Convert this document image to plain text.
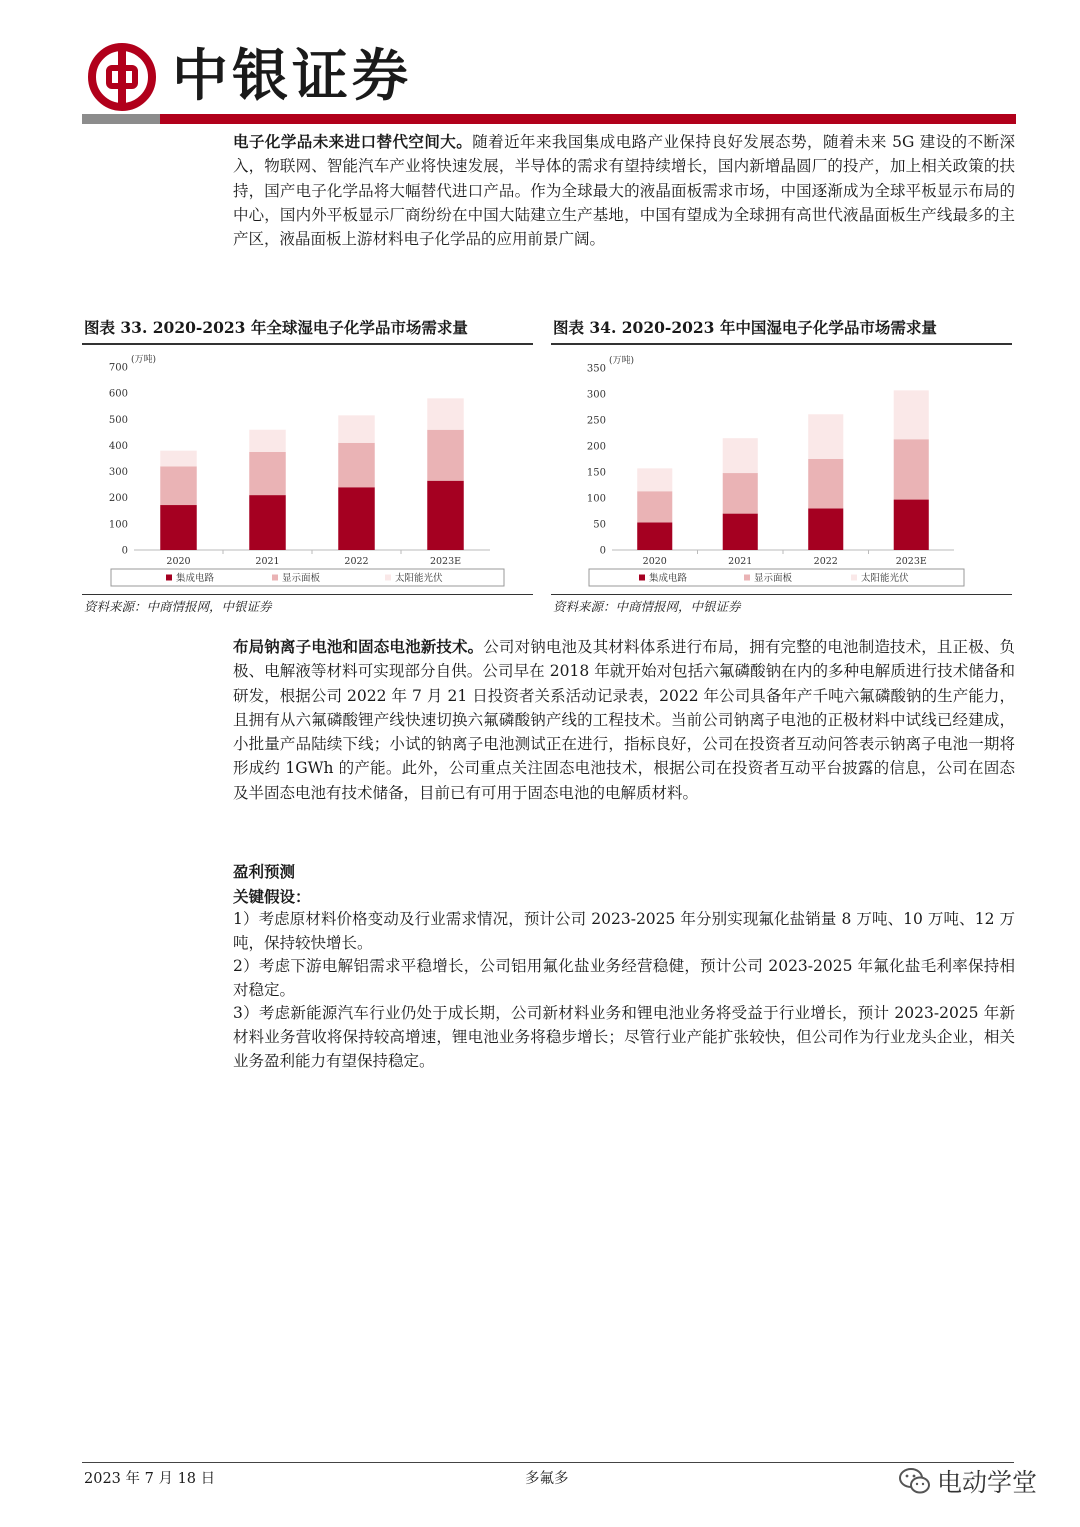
中银证券

电子化学品未来进口替代空间大。随着近年来我国集成电路产业保持良好发展态势，随着未来 5G 建设的不断深入，物联网、智能汽车产业将快速发展，半导体的需求有望持续增长，国内新增晶圆厂的投产，加上相关政策的扶持，国产电子化学品将大幅替代进口产品。作为全球最大的液晶面板需求市场，中国逐渐成为全球平板显示布局的中心，国内外平板显示厂商纷纷在中国大陆建立生产基地，中国有望成为全球拥有高世代液晶面板生产线最多的主产区，液晶面板上游材料电子化学品的应用前景广阔。

图表 33. 2020-2023 年全球湿电子化学品市场需求量	图表 34. 2020-2023 年中国湿电子化学品市场需求量
(万吨)
0
100
200
300
400
500
600
700
2020	2021	2022	2023E
集成电路	显示面板	太阳能光伏
(万吨)
0
50
100
150
200
250
300
350
2020	2021	2022	2023E
集成电路	显示面板	太阳能光伏
资料来源：中商情报网，中银证券	资料来源：中商情报网，中银证券

布局钠离子电池和固态电池新技术。公司对钠电池及其材料体系进行布局，拥有完整的电池制造技术，且正极、负极、电解液等材料可实现部分自供。公司早在 2018 年就开始对包括六氟磷酸钠在内的多种电解质进行技术储备和研发，根据公司 2022 年 7 月 21 日投资者关系活动记录表，2022 年公司具备年产千吨六氟磷酸钠的生产能力，且拥有从六氟磷酸锂产线快速切换六氟磷酸钠产线的工程技术。当前公司钠离子电池的正极材料中试线已经建成，小批量产品陆续下线；小试的钠离子电池测试正在进行，指标良好，公司在投资者互动问答表示钠离子电池一期将形成约 1GWh 的产能。此外，公司重点关注固态电池技术，根据公司在投资者互动平台披露的信息，公司在固态及半固态电池有技术储备，目前已有可用于固态电池的电解质材料。

盈利预测
关键假设：

1）考虑原材料价格变动及行业需求情况，预计公司 2023-2025 年分别实现氟化盐销量 8 万吨、10 万吨、12 万吨，保持较快增长。

2）考虑下游电解铝需求平稳增长，公司铝用氟化盐业务经营稳健，预计公司 2023-2025 年氟化盐毛利率保持相对稳定。

3）考虑新能源汽车行业仍处于成长期，公司新材料业务和锂电池业务将受益于行业增长，预计 2023-2025 年新材料业务营收将保持较高增速，锂电池业务将稳步增长；尽管行业产能扩张较快，但公司作为行业龙头企业，相关业务盈利能力有望保持稳定。

2023 年 7 月 18 日	多氟多	电动学堂
